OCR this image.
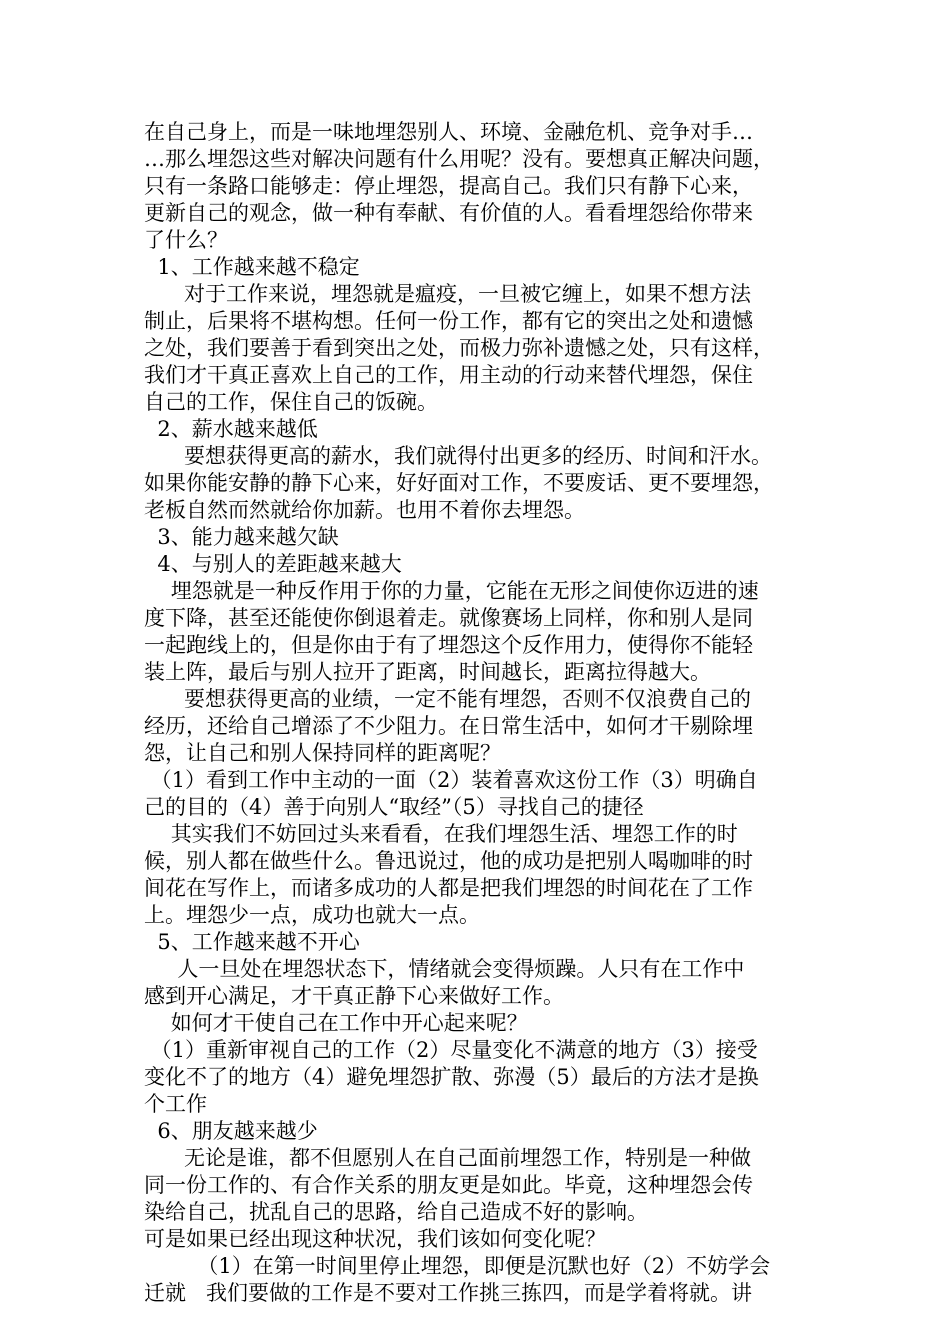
在自己身上，而是一味地埋怨别人、环境、金融危机、竞争对手…
…那么埋怨这些对解决问题有什么用呢？没有。要想真正解决问题，
只有一条路口能够走：停止埋怨，提高自己。我们只有静下心来，
更新自己的观念，做一种有奉献、有价值的人。看看埋怨给你带来
了什么？
1、工作越来越不稳定
对于工作来说，埋怨就是瘟疫，一旦被它缠上，如果不想方法
制止，后果将不堪构想。任何一份工作，都有它的突出之处和遗憾
之处，我们要善于看到突出之处，而极力弥补遗憾之处，只有这样，
我们才干真正喜欢上自己的工作，用主动的行动来替代埋怨，保住
自己的工作，保住自己的饭碗。
2、薪水越来越低
要想获得更高的薪水，我们就得付出更多的经历、时间和汗水。
如果你能安静的静下心来，好好面对工作，不要废话、更不要埋怨，
老板自然而然就给你加薪。也用不着你去埋怨。
3、能力越来越欠缺
4、与别人的差距越来越大
埋怨就是一种反作用于你的力量，它能在无形之间使你迈进的速
度下降，甚至还能使你倒退着走。就像赛场上同样，你和别人是同
一起跑线上的，但是你由于有了埋怨这个反作用力，使得你不能轻
装上阵，最后与别人拉开了距离，时间越长，距离拉得越大。
要想获得更高的业绩，一定不能有埋怨，否则不仅浪费自己的
经历，还给自己增添了不少阻力。在日常生活中，如何才干剔除埋
怨，让自己和别人保持同样的距离呢？
（1）看到工作中主动的一面（2）装着喜欢这份工作（3）明确自
己的目的（4）善于向别人“取经”（5）寻找自己的捷径
其实我们不妨回过头来看看，在我们埋怨生活、埋怨工作的时
候，别人都在做些什么。鲁迅说过，他的成功是把别人喝咖啡的时
间花在写作上，而诸多成功的人都是把我们埋怨的时间花在了工作
上。埋怨少一点，成功也就大一点。
5、工作越来越不开心
人一旦处在埋怨状态下，情绪就会变得烦躁。人只有在工作中
感到开心满足，才干真正静下心来做好工作。
如何才干使自己在工作中开心起来呢？
（1）重新审视自己的工作（2）尽量变化不满意的地方（3）接受
变化不了的地方（4）避免埋怨扩散、弥漫（5）最后的方法才是换
个工作
6、朋友越来越少
无论是谁，都不但愿别人在自己面前埋怨工作，特别是一种做
同一份工作的、有合作关系的朋友更是如此。毕竟，这种埋怨会传
染给自己，扰乱自己的思路，给自己造成不好的影响。
可是如果已经出现这种状况，我们该如何变化呢？
（1）在第一时间里停止埋怨，即便是沉默也好（2）不妨学会
迁就   我们要做的工作是不要对工作挑三拣四，而是学着将就。讲
